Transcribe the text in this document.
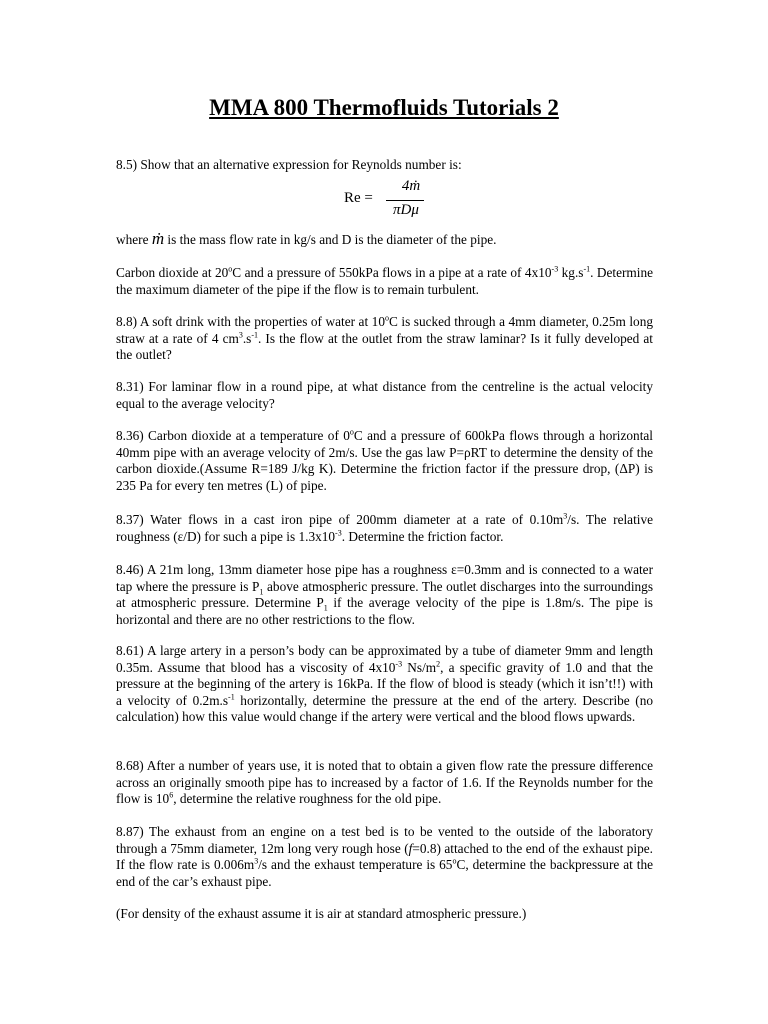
MMA 800 Thermofluids Tutorials 2
8.5) Show that an alternative expression for Reynolds number is:
Re =
4ṁ
πDμ
where ṁ is the mass flow rate in kg/s and D is the diameter of the pipe.
Carbon dioxide at 20$^o$C and a pressure of 550kPa flows in a pipe at a rate of $4x10^{-3}$ $kg.s^{-1}$. Determine the maximum diameter of the pipe if the flow is to remain turbulent.
8.8) A soft drink with the properties of water at 10$^o$C is sucked through a 4mm diameter, 0.25m long straw at a rate of 4 $cm^3.s^{-1}$. Is the flow at the outlet from the straw laminar? Is it fully developed at the outlet?
8.31) For laminar flow in a round pipe, at what distance from the centreline is the actual velocity equal to the average velocity?
8.36) Carbon dioxide at a temperature of 0$^o$C and a pressure of 600kPa flows through a horizontal 40mm pipe with an average velocity of 2m/s. Use the gas law P=ρRT to determine the density of the carbon dioxide.(Assume R=189 J/kg K). Determine the friction factor if the pressure drop, (ΔP) is 235 Pa for every ten metres (L) of pipe.
8.37) Water flows in a cast iron pipe of 200mm diameter at a rate of $0.10m^3/s$. The relative roughness (ε/D) for such a pipe is $1.3x10^{-3}$. Determine the friction factor.
8.46) A 21m long, 13mm diameter hose pipe has a roughness ε=0.3mm and is connected to a water tap where the pressure is $P_1$ above atmospheric pressure. The outlet discharges into the surroundings at atmospheric pressure. Determine $P_1$ if the average velocity of the pipe is 1.8m/s. The pipe is horizontal and there are no other restrictions to the flow.
8.61) A large artery in a person’s body can be approximated by a tube of diameter 9mm and length 0.35m. Assume that blood has a viscosity of $4x10^{-3}$ $Ns/m^2$, a specific gravity of 1.0 and that the pressure at the beginning of the artery is 16kPa. If the flow of blood is steady (which it isn’t!!) with a velocity of $0.2m.s^{-1}$ horizontally, determine the pressure at the end of the artery. Describe (no calculation) how this value would change if the artery were vertical and the blood flows upwards.
8.68) After a number of years use, it is noted that to obtain a given flow rate the pressure difference across an originally smooth pipe has to increased by a factor of 1.6. If the Reynolds number for the flow is $10^6$, determine the relative roughness for the old pipe.
8.87) The exhaust from an engine on a test bed is to be vented to the outside of the laboratory through a 75mm diameter, 12m long very rough hose (f=0.8) attached to the end of the exhaust pipe. If the flow rate is $0.006m^3/s$ and the exhaust temperature is 65$^o$C, determine the backpressure at the end of the car’s exhaust pipe.
(For density of the exhaust assume it is air at standard atmospheric pressure.)
